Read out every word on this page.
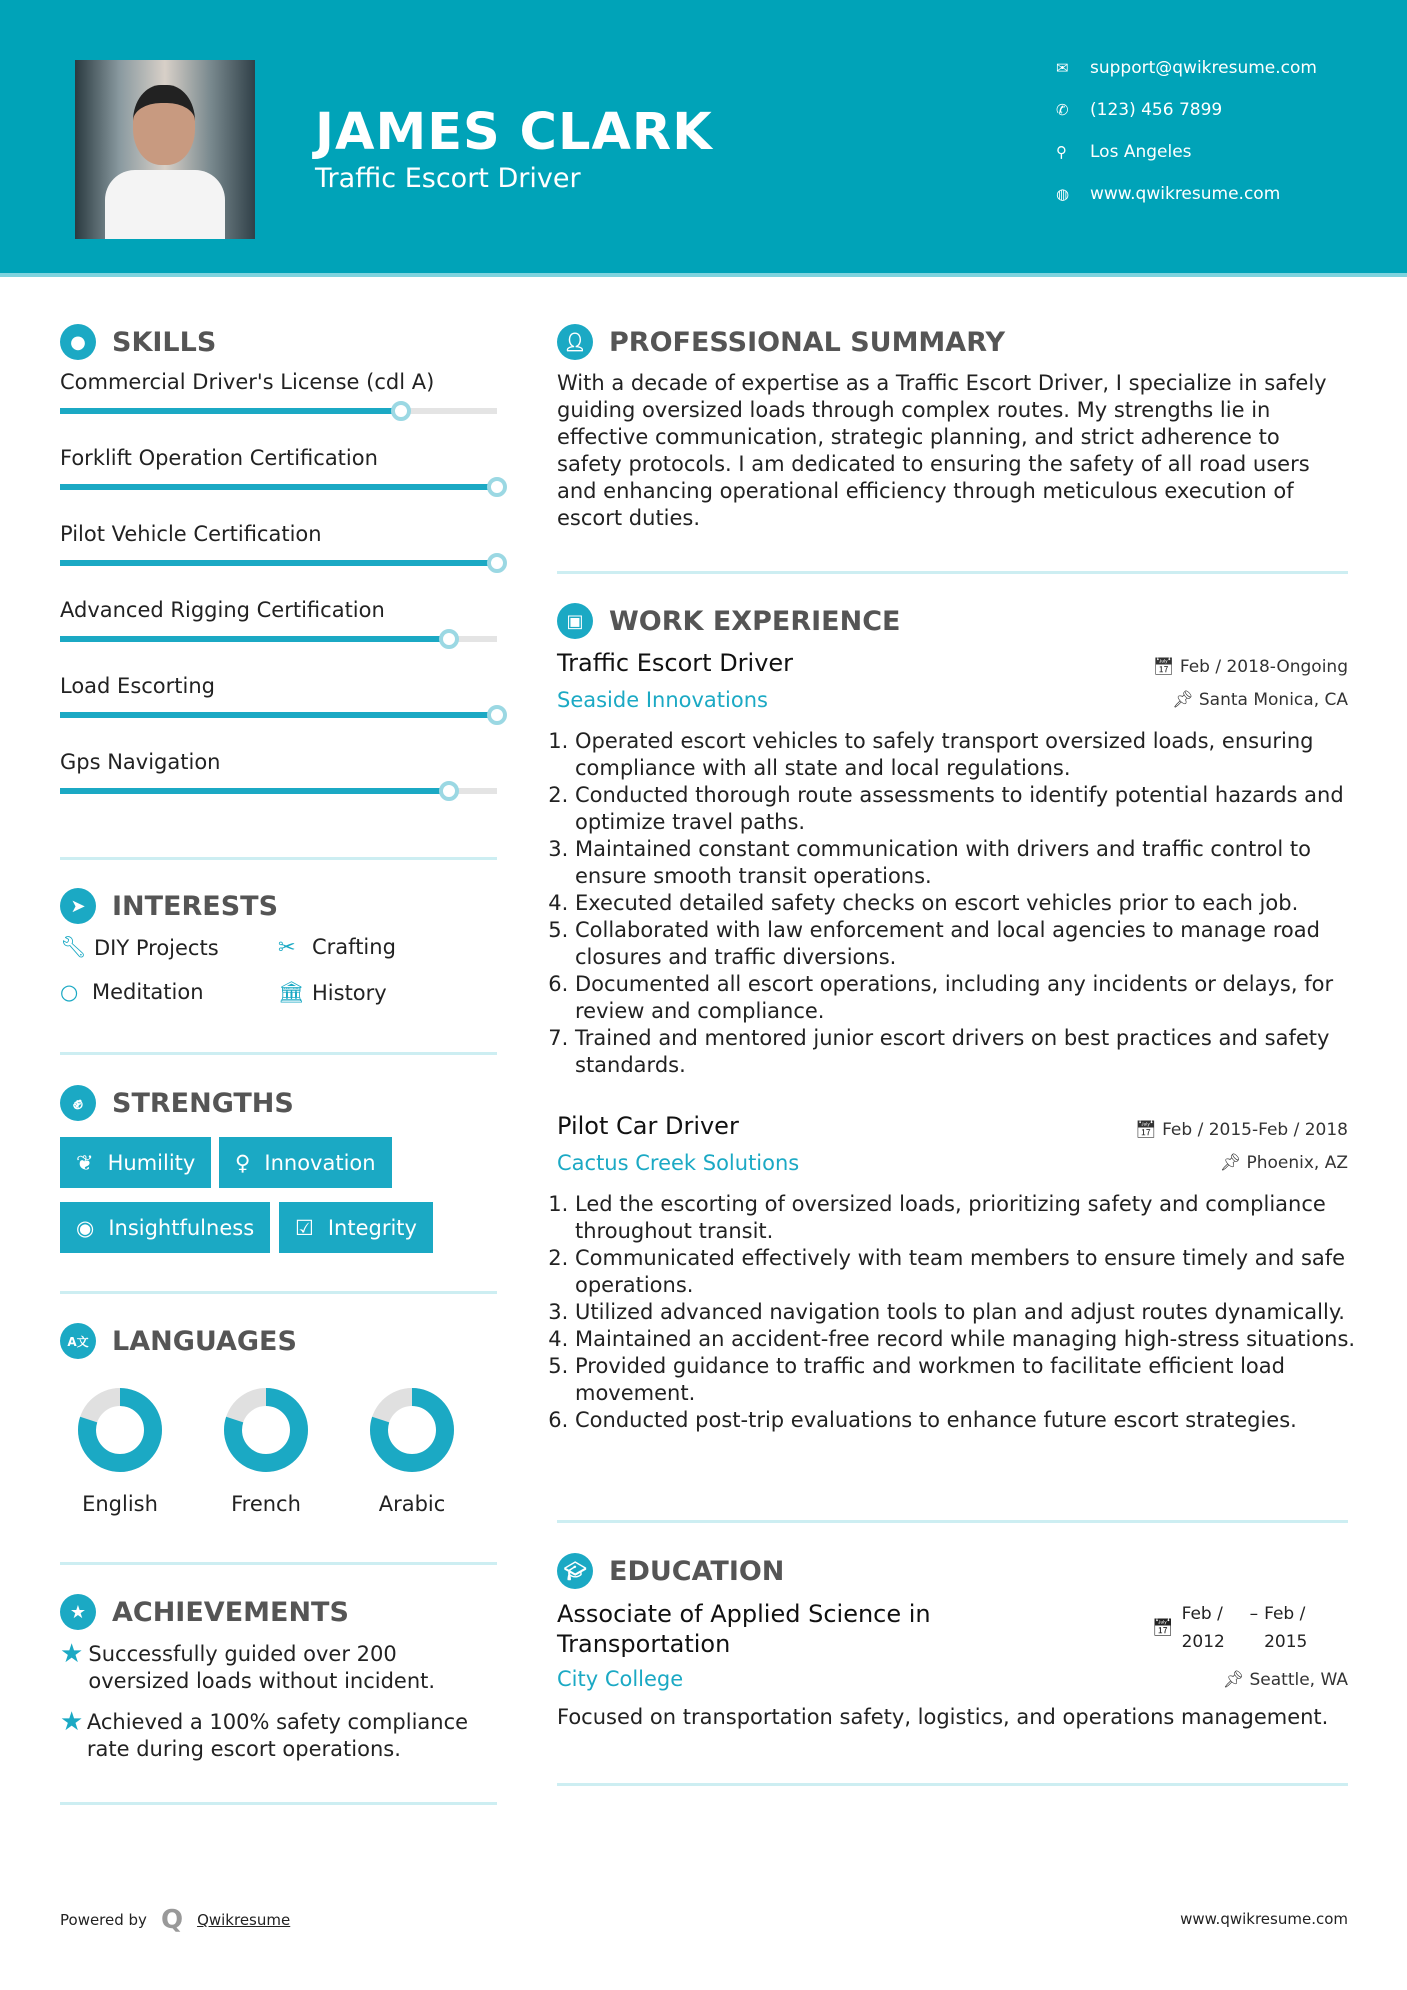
JAMES CLARK
Traffic Escort Driver
✉	support@qwikresume.com
✆	(123) 456 7899
⚲	Los Angeles
◍	www.qwikresume.com
● SKILLS
Commercial Driver's License (cdl A)
Forklift Operation Certification
Pilot Vehicle Certification
Advanced Rigging Certification
Load Escorting
Gps Navigation
➤ INTERESTS
🔧︎ DIY Projects	✂ Crafting
○ Meditation	🏛︎ History
✊︎	STRENGTHS
❦ Humility ♀ Innovation
◉ Insightfulness ☑ Integrity
A文 LANGUAGES
English	French	Arabic
★ ACHIEVEMENTS
★ Successfully guided over 200 oversized loads without incident.
★ Achieved a 100% safety compliance rate during escort operations.
👤︎ PROFESSIONAL SUMMARY
With a decade of expertise as a Traffic Escort Driver, I specialize in safely guiding oversized loads through complex routes. My strengths lie in effective communication, strategic planning, and strict adherence to safety protocols. I am dedicated to ensuring the safety of all road users and enhancing operational efficiency through meticulous execution of escort duties.
▣ WORK EXPERIENCE
Traffic Escort Driver	📅︎ Feb / 2018-Ongoing
Seaside Innovations	📌︎ Santa Monica, CA
1. Operated escort vehicles to safely transport oversized loads, ensuring compliance with all state and local regulations.
2. Conducted thorough route assessments to identify potential hazards and optimize travel paths.
3. Maintained constant communication with drivers and traffic control to ensure smooth transit operations.
4. Executed detailed safety checks on escort vehicles prior to each job.
5. Collaborated with law enforcement and local agencies to manage road closures and traffic diversions.
6. Documented all escort operations, including any incidents or delays, for review and compliance.
7. Trained and mentored junior escort drivers on best practices and safety standards.
Pilot Car Driver	📅︎ Feb / 2015-Feb / 2018
Cactus Creek Solutions	📌︎ Phoenix, AZ
1. Led the escorting of oversized loads, prioritizing safety and compliance throughout transit.
2. Communicated effectively with team members to ensure timely and safe operations.
3. Utilized advanced navigation tools to plan and adjust routes dynamically.
4. Maintained an accident-free record while managing high-stress situations.
5. Provided guidance to traffic and workmen to facilitate efficient load movement.
6. Conducted post-trip evaluations to enhance future escort strategies.
🎓︎ EDUCATION
Associate of Applied Science in Transportation
📅︎
Feb / 2012
– Feb / 2015
City College	📌︎ Seattle, WA
Focused on transportation safety, logistics, and operations management.
Powered by Q Qwikresume	www.qwikresume.com
